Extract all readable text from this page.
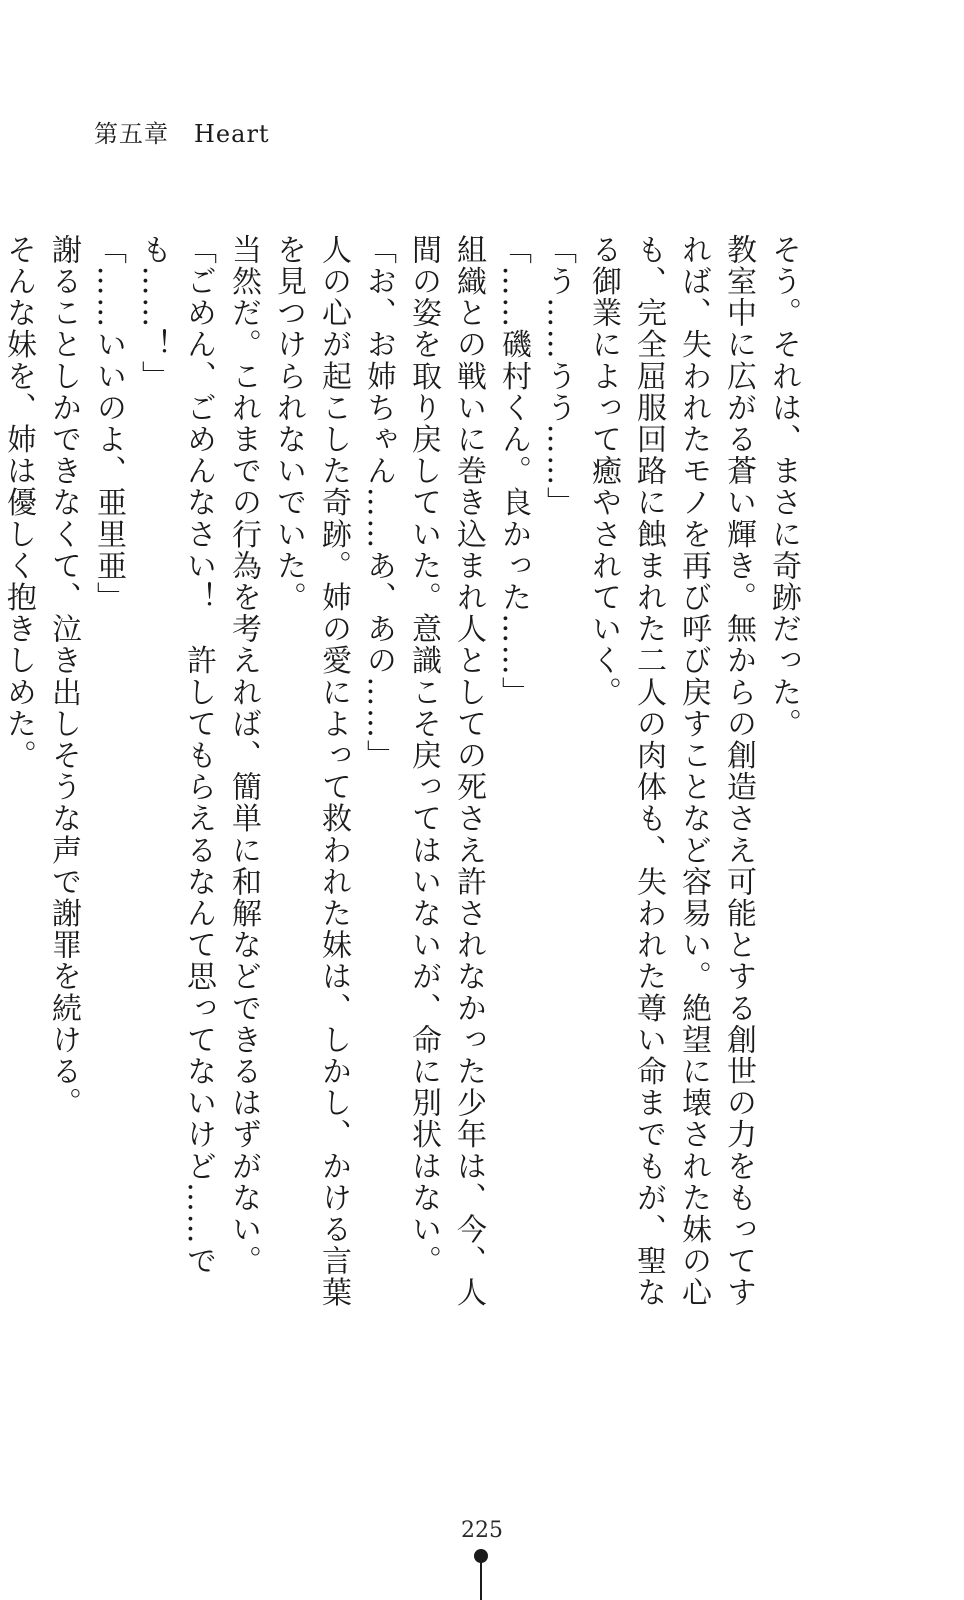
第五章　Heart

そう。それは、まさに奇跡だった。

教室中に広がる蒼い輝き。無からの創造さえ可能とする創世の力をもってすれば、失われたモノを再び呼び戻すことなど容易い。絶望に壊された妹の心も、完全屈服回路に蝕まれた二人の肉体も、失われた尊い命までもが、聖なる御業によって癒やされていく。

「う……うう……」

「……磯村くん。良かった……」

組織との戦いに巻き込まれ人としての死さえ許されなかった少年は、今、人間の姿を取り戻していた。意識こそ戻ってはいないが、命に別状はない。

「お、お姉ちゃん……あ、あの……」

人の心が起こした奇跡。姉の愛によって救われた妹は、しかし、かける言葉を見つけられないでいた。

当然だ。これまでの行為を考えれば、簡単に和解などできるはずがない。

「ごめん、ごめんなさい！　許してもらえるなんて思ってないけど……でも……！」

「……いいのよ、亜里亜」

謝ることしかできなくて、泣き出しそうな声で謝罪を続ける。

そんな妹を、姉は優しく抱きしめた。

225
